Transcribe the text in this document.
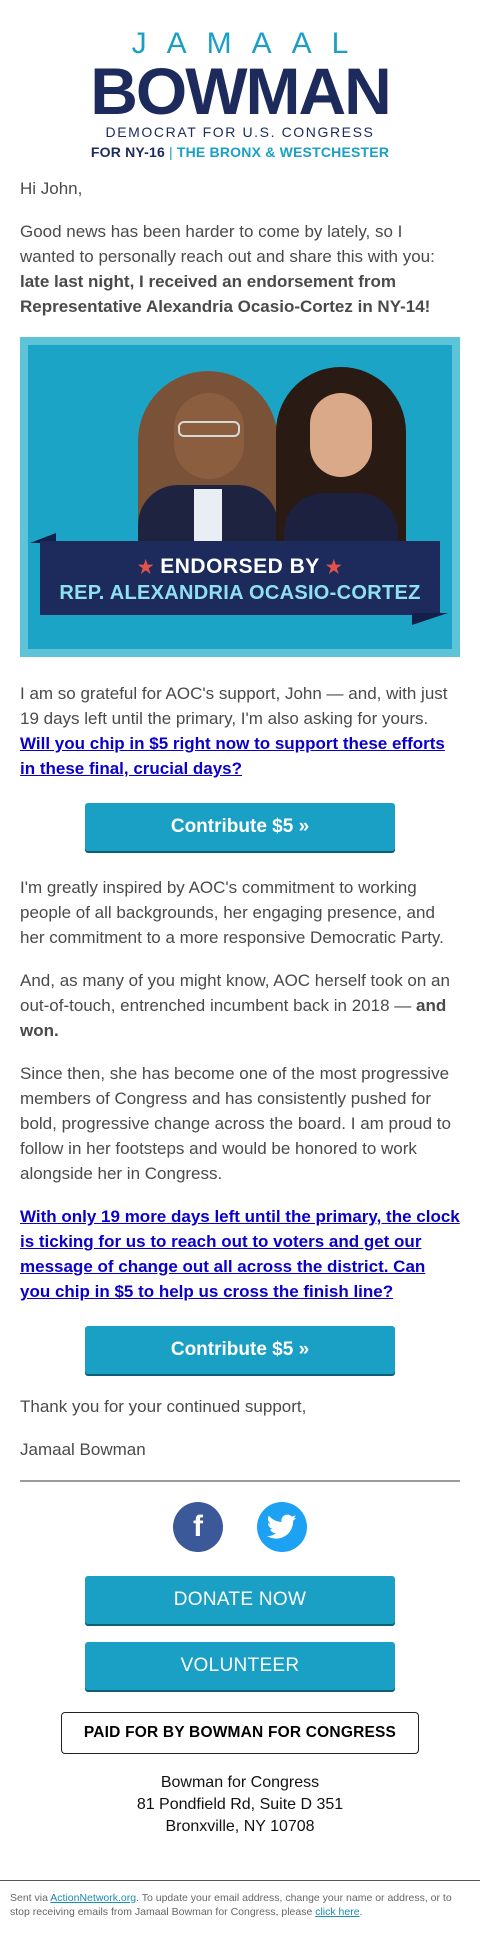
JAMAAL
BOWMAN
DEMOCRAT FOR U.S. CONGRESS
FOR NY-16 | THE BRONX & WESTCHESTER

Hi John,

Good news has been harder to come by lately, so I wanted to personally reach out and share this with you: late last night, I received an endorsement from Representative Alexandria Ocasio-Cortez in NY-14!

★ ENDORSED BY ★
REP. ALEXANDRIA OCASIO-CORTEZ

I am so grateful for AOC's support, John — and, with just 19 days left until the primary, I'm also asking for yours. Will you chip in $5 right now to support these efforts in these final, crucial days?

Contribute $5 »

I'm greatly inspired by AOC's commitment to working people of all backgrounds, her engaging presence, and her commitment to a more responsive Democratic Party.

And, as many of you might know, AOC herself took on an out-of-touch, entrenched incumbent back in 2018 — and won.

Since then, she has become one of the most progressive members of Congress and has consistently pushed for bold, progressive change across the board. I am proud to follow in her footsteps and would be honored to work alongside her in Congress.

With only 19 more days left until the primary, the clock is ticking for us to reach out to voters and get our message of change out all across the district. Can you chip in $5 to help us cross the finish line?

Contribute $5 »

Thank you for your continued support,

Jamaal Bowman

f
DONATE NOW
VOLUNTEER
PAID FOR BY BOWMAN FOR CONGRESS
Bowman for Congress
81 Pondfield Rd, Suite D 351
Bronxville, NY 10708
Sent via ActionNetwork.org. To update your email address, change your name or address, or to stop receiving emails from Jamaal Bowman for Congress, please click here.
